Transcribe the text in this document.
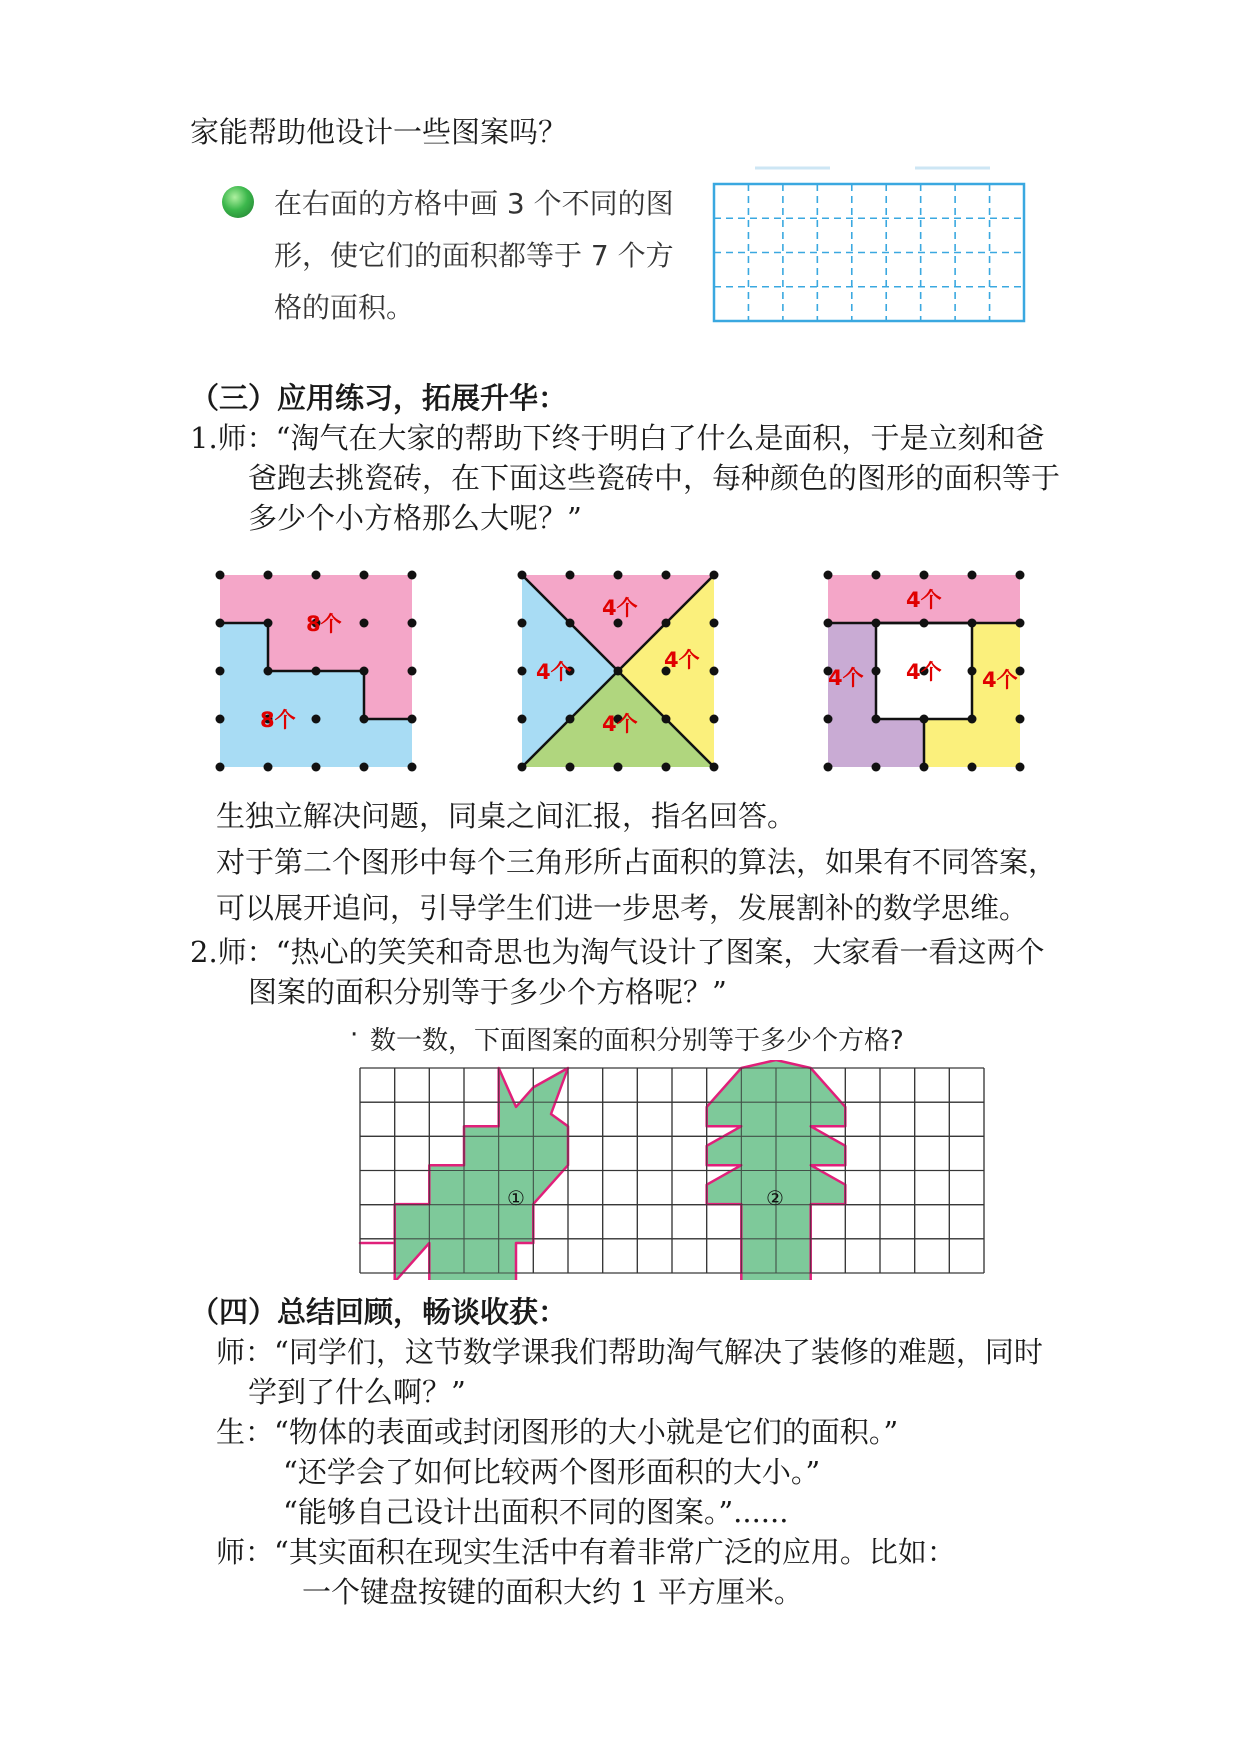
家能帮助他设计一些图案吗？
在右面的方格中画 3 个不同的图
形，使它们的面积都等于 7 个方
格的面积。
（三）应用练习，拓展升华：
1.师：“淘气在大家的帮助下终于明白了什么是面积，于是立刻和爸
爸跑去挑瓷砖，在下面这些瓷砖中，每种颜色的图形的面积等于
多少个小方格那么大呢？”
8个
8个
4个
4个	4个
4个
4个
4个
4个	4个
生独立解决问题，同桌之间汇报，指名回答。
对于第二个图形中每个三角形所占面积的算法，如果有不同答案，
可以展开追问，引导学生们进一步思考，发展割补的数学思维。
2.师：“热心的笑笑和奇思也为淘气设计了图案，大家看一看这两个
图案的面积分别等于多少个方格呢？”
· 数一数，下面图案的面积分别等于多少个方格?
①	②
（四）总结回顾，畅谈收获：
师：“同学们，这节数学课我们帮助淘气解决了装修的难题，同时
学到了什么啊？”
生：“物体的表面或封闭图形的大小就是它们的面积。”
“还学会了如何比较两个图形面积的大小。”
“能够自己设计出面积不同的图案。”......
师：“其实面积在现实生活中有着非常广泛的应用。比如：
一个键盘按键的面积大约 1 平方厘米。
